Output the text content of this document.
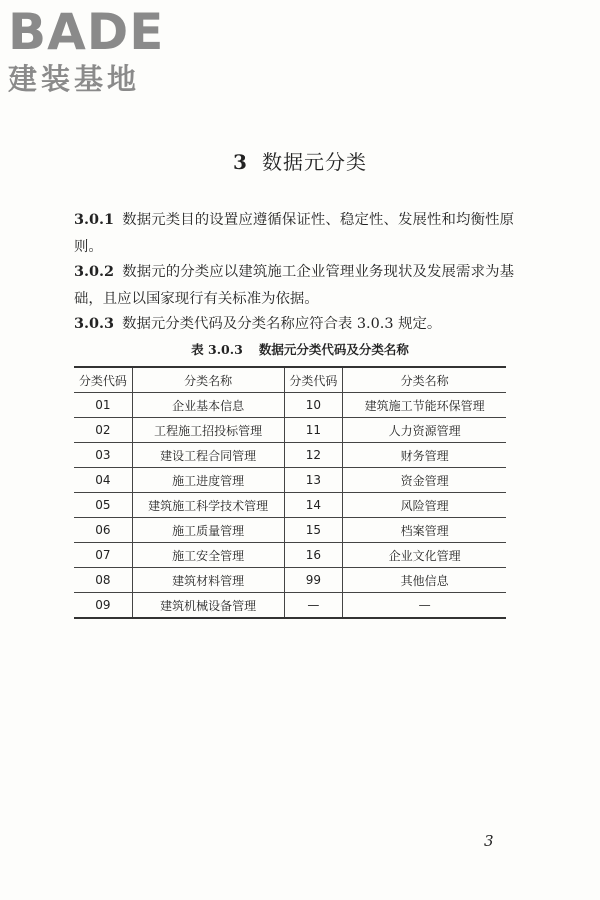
BADE
建装基地
3 数据元分类
3.0.1 数据元类目的设置应遵循保证性、稳定性、发展性和均衡性原则。
3.0.2 数据元的分类应以建筑施工企业管理业务现状及发展需求为基础，且应以国家现行有关标准为依据。
3.0.3 数据元分类代码及分类名称应符合表 3.0.3 规定。
表 3.0.3 数据元分类代码及分类名称
分类代码	分类名称	分类代码	分类名称
01	企业基本信息	10	建筑施工节能环保管理
02	工程施工招投标管理	11	人力资源管理
03	建设工程合同管理	12	财务管理
04	施工进度管理	13	资金管理
05	建筑施工科学技术管理	14	风险管理
06	施工质量管理	15	档案管理
07	施工安全管理	16	企业文化管理
08	建筑材料管理	99	其他信息
09	建筑机械设备管理	—	—
3
